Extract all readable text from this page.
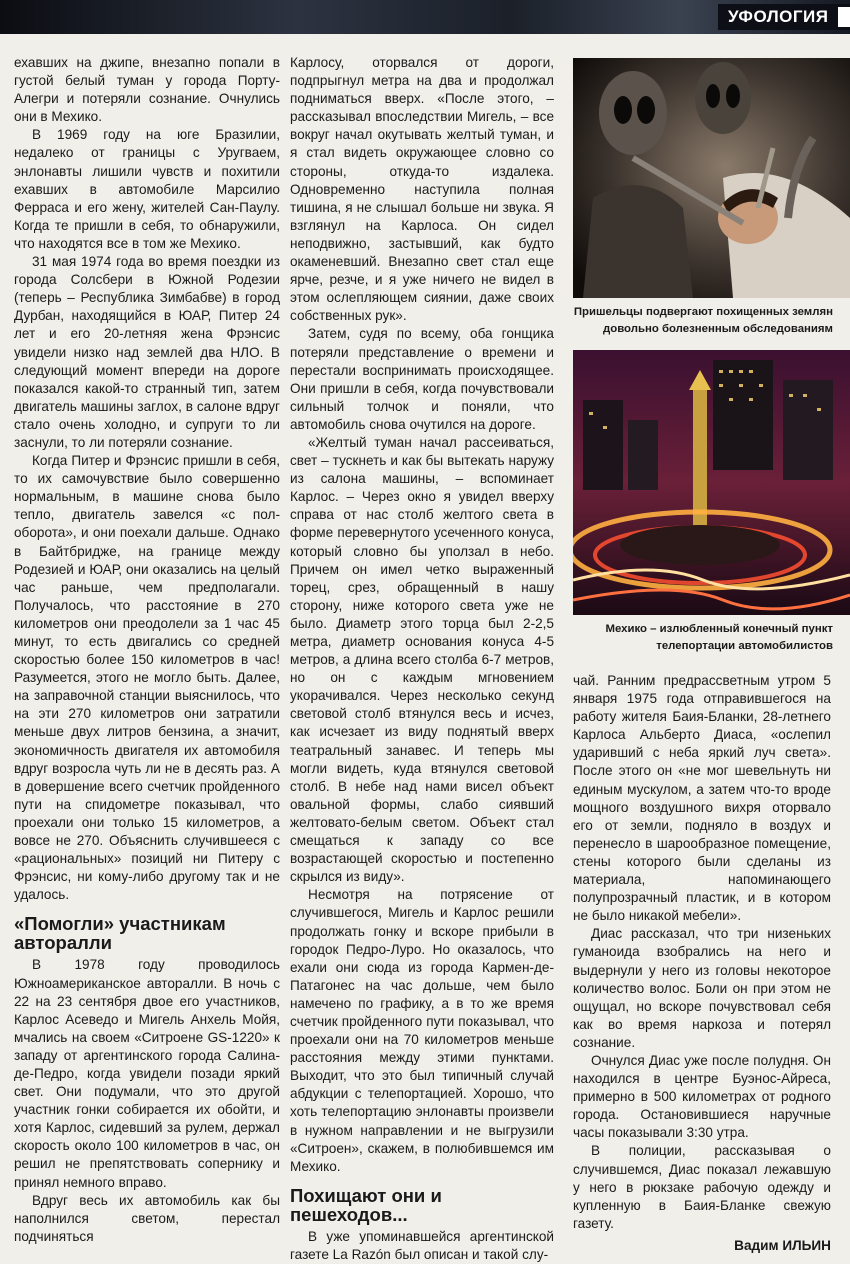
УФОЛОГИЯ

ехавших на джипе, внезапно попали в густой белый туман у города Порту-Алегри и потеряли сознание. Очнулись они в Мехико.

В 1969 году на юге Бразилии, недалеко от границы с Уругваем, энлонавты лишили чувств и похитили ехавших в автомобиле Марсилио Ферраса и его жену, жителей Сан-Паулу. Когда те пришли в себя, то обнаружили, что находятся все в том же Мехико.

31 мая 1974 года во время поездки из города Солсбери в Южной Родезии (теперь – Республика Зимбабве) в город Дурбан, находящийся в ЮАР, Питер 24 лет и его 20-летняя жена Фрэнсис увидели низко над землей два НЛО. В следующий момент впереди на дороге показался какой-то странный тип, затем двигатель машины заглох, в салоне вдруг стало очень холодно, и супруги то ли заснули, то ли потеряли сознание.

Когда Питер и Фрэнсис пришли в себя, то их самочувствие было совершенно нормальным, в машине снова было тепло, двигатель завелся «с пол-оборота», и они поехали дальше. Однако в Байтбридже, на границе между Родезией и ЮАР, они оказались на целый час раньше, чем предполагали. Получалось, что расстояние в 270 километров они преодолели за 1 час 45 минут, то есть двигались со средней скоростью более 150 километров в час! Разумеется, этого не могло быть. Далее, на заправочной станции выяснилось, что на эти 270 километров они затратили меньше двух литров бензина, а значит, экономичность двигателя их автомобиля вдруг возросла чуть ли не в десять раз. А в довершение всего счетчик пройденного пути на спидометре показывал, что проехали они только 15 километров, а вовсе не 270. Объяснить случившееся с «рациональных» позиций ни Питеру с Фрэнсис, ни кому-либо другому так и не удалось.

«Помогли» участникам авторалли

В 1978 году проводилось Южноамериканское авторалли. В ночь с 22 на 23 сентября двое его участников, Карлос Асеведо и Мигель Анхель Мойя, мчались на своем «Ситроене GS-1220» к западу от аргентинского города Салина-де-Педро, когда увидели позади яркий свет. Они подумали, что это другой участник гонки собирается их обойти, и хотя Карлос, сидевший за рулем, держал скорость около 100 километров в час, он решил не препятствовать сопернику и принял немного вправо.

Вдруг весь их автомобиль как бы наполнился светом, перестал подчиняться

Карлосу, оторвался от дороги, подпрыгнул метра на два и продолжал подниматься вверх. «После этого, – рассказывал впоследствии Мигель, – все вокруг начал окутывать желтый туман, и я стал видеть окружающее словно со стороны, откуда-то издалека. Одновременно наступила полная тишина, я не слышал больше ни звука. Я взглянул на Карлоса. Он сидел неподвижно, застывший, как будто окаменевший. Внезапно свет стал еще ярче, резче, и я уже ничего не видел в этом ослепляющем сиянии, даже своих собственных рук».

Затем, судя по всему, оба гонщика потеряли представление о времени и перестали воспринимать происходящее. Они пришли в себя, когда почувствовали сильный толчок и поняли, что автомобиль снова очутился на дороге.

«Желтый туман начал рассеиваться, свет – тускнеть и как бы вытекать наружу из салона машины, – вспоминает Карлос. – Через окно я увидел вверху справа от нас столб желтого света в форме перевернутого усеченного конуса, который словно бы уползал в небо. Причем он имел четко выраженный торец, срез, обращенный в нашу сторону, ниже которого света уже не было. Диаметр этого торца был 2-2,5 метра, диаметр основания конуса 4-5 метров, а длина всего столба 6-7 метров, но он с каждым мгновением укорачивался. Через несколько секунд световой столб втянулся весь и исчез, как исчезает из виду поднятый вверх театральный занавес. И теперь мы могли видеть, куда втянулся световой столб. В небе над нами висел объект овальной формы, слабо сиявший желтовато-белым светом. Объект стал смещаться к западу со все возрастающей скоростью и постепенно скрылся из виду».

Несмотря на потрясение от случившегося, Мигель и Карлос решили продолжать гонку и вскоре прибыли в городок Педро-Луро. Но оказалось, что ехали они сюда из города Кармен-де-Патагонес на час дольше, чем было намечено по графику, а в то же время счетчик пройденного пути показывал, что проехали они на 70 километров меньше расстояния между этими пунктами. Выходит, что это был типичный случай абдукции с телепортацией. Хорошо, что хоть телепортацию энлонавты произвели в нужном направлении и не выгрузили «Ситроен», скажем, в полюбившемся им Мехико.

Похищают они и пешеходов...

В уже упоминавшейся аргентинской газете La Razón был описан и такой слу-

Пришельцы подвергают похищенных землян довольно болезненным обследованиям
Мехико – излюбленный конечный пункт телепортации автомобилистов

чай. Ранним предрассветным утром 5 января 1975 года отправившегося на работу жителя Баия-Бланки, 28-летнего Карлоса Альберто Диаса, «ослепил ударивший с неба яркий луч света». После этого он «не мог шевельнуть ни единым мускулом, а затем что-то вроде мощного воздушного вихря оторвало его от земли, подняло в воздух и перенесло в шарообразное помещение, стены которого были сделаны из материала, напоминающего полупрозрачный пластик, и в котором не было никакой мебели».

Диас рассказал, что три низеньких гуманоида взобрались на него и выдернули у него из головы некоторое количество волос. Боли он при этом не ощущал, но вскоре почувствовал себя как во время наркоза и потерял сознание.

Очнулся Диас уже после полудня. Он находился в центре Буэнос-Айреса, примерно в 500 километрах от родного города. Остановившиеся наручные часы показывали 3:30 утра.

В полиции, рассказывая о случившемся, Диас показал лежавшую у него в рюкзаке рабочую одежду и купленную в Баия-Бланке свежую газету.

Вадим ИЛЬИН
